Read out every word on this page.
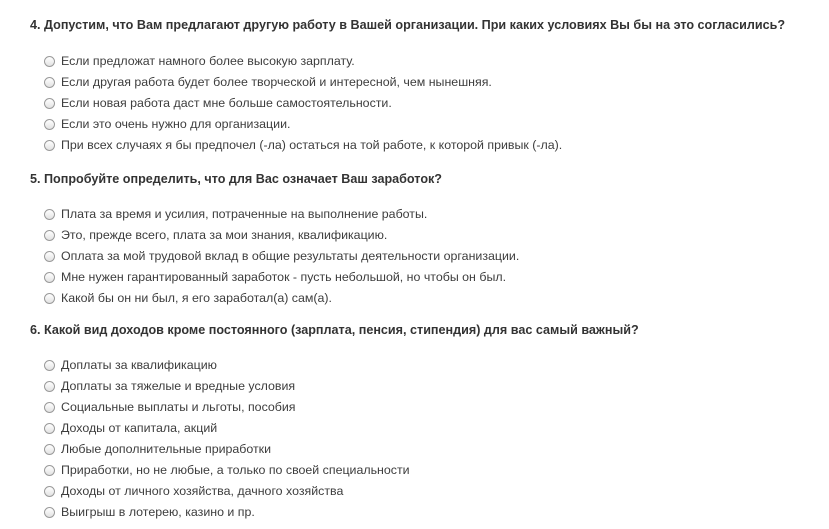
4. Допустим, что Вам предлагают другую работу в Вашей организации. При каких условиях Вы бы на это согласились?
Если предложат намного более высокую зарплату.
Если другая работа будет более творческой и интересной, чем нынешняя.
Если новая работа даст мне больше самостоятельности.
Если это очень нужно для организации.
При всех случаях я бы предпочел (-ла) остаться на той работе, к которой привык (-ла).
5. Попробуйте определить, что для Вас означает Ваш заработок?
Плата за время и усилия, потраченные на выполнение работы.
Это, прежде всего, плата за мои знания, квалификацию.
Оплата за мой трудовой вклад в общие результаты деятельности организации.
Мне нужен гарантированный заработок - пусть небольшой, но чтобы он был.
Какой бы он ни был, я его заработал(а) сам(а).
6. Какой вид доходов кроме постоянного (зарплата, пенсия, стипендия) для вас самый важный?
Доплаты за квалификацию
Доплаты за тяжелые и вредные условия
Социальные выплаты и льготы, пособия
Доходы от капитала, акций
Любые дополнительные приработки
Приработки, но не любые, а только по своей специальности
Доходы от личного хозяйства, дачного хозяйства
Выигрыш в лотерею, казино и пр.
